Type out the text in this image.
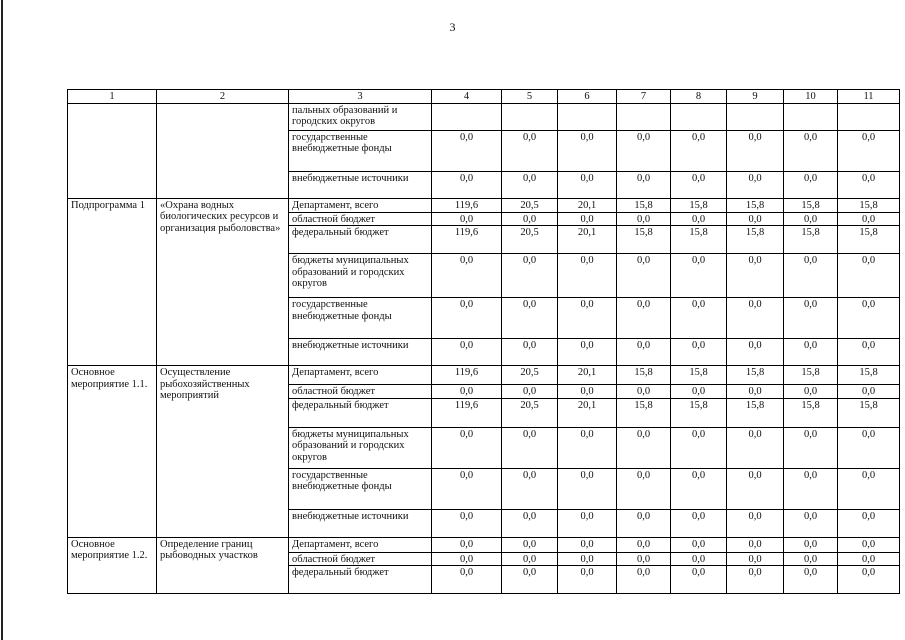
3
1	2	3	4	5	6	7	8	9	10	11
		пальных образований и городских округов								
		государственные внебюджетные фонды	0,0	0,0	0,0	0,0	0,0	0,0	0,0	0,0
		внебюджетные источники	0,0	0,0	0,0	0,0	0,0	0,0	0,0	0,0
Подпрограмма 1	«Охрана водных биологических ресурсов и организация рыболовства»	Департамент, всего	119,6	20,5	20,1	15,8	15,8	15,8	15,8	15,8
		областной бюджет	0,0	0,0	0,0	0,0	0,0	0,0	0,0	0,0
		федеральный бюджет	119,6	20,5	20,1	15,8	15,8	15,8	15,8	15,8
		бюджеты муниципальных образований и городских округов	0,0	0,0	0,0	0,0	0,0	0,0	0,0	0,0
		государственные внебюджетные фонды	0,0	0,0	0,0	0,0	0,0	0,0	0,0	0,0
		внебюджетные источники	0,0	0,0	0,0	0,0	0,0	0,0	0,0	0,0
Основное мероприятие 1.1.	Осуществление рыбохозяйственных мероприятий	Департамент, всего	119,6	20,5	20,1	15,8	15,8	15,8	15,8	15,8
		областной бюджет	0,0	0,0	0,0	0,0	0,0	0,0	0,0	0,0
		федеральный бюджет	119,6	20,5	20,1	15,8	15,8	15,8	15,8	15,8
		бюджеты муниципальных образований и городских округов	0,0	0,0	0,0	0,0	0,0	0,0	0,0	0,0
		государственные внебюджетные фонды	0,0	0,0	0,0	0,0	0,0	0,0	0,0	0,0
		внебюджетные источники	0,0	0,0	0,0	0,0	0,0	0,0	0,0	0,0
Основное мероприятие 1.2.	Определение границ рыбоводных участков	Департамент, всего	0,0	0,0	0,0	0,0	0,0	0,0	0,0	0,0
		областной бюджет	0,0	0,0	0,0	0,0	0,0	0,0	0,0	0,0
		федеральный бюджет	0,0	0,0	0,0	0,0	0,0	0,0	0,0	0,0
